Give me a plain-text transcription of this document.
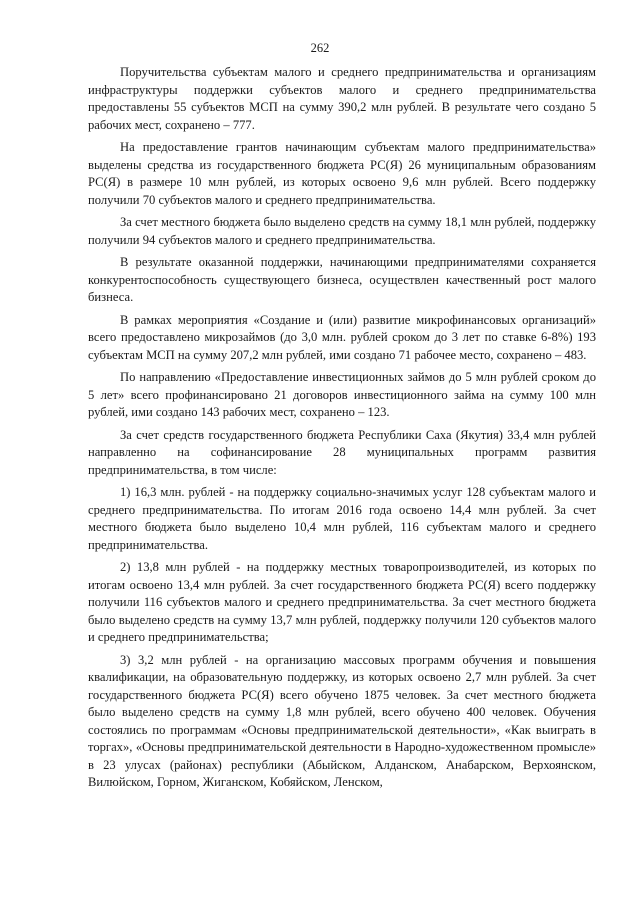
262

Поручительства субъектам малого и среднего предпринимательства и организациям инфраструктуры поддержки субъектов малого и среднего предпринимательства предоставлены 55 субъектов МСП на сумму 390,2 млн рублей. В результате чего создано 5 рабочих мест, сохранено – 777.

На предоставление грантов начинающим субъектам малого предпринимательства» выделены средства из государственного бюджета РС(Я) 26 муниципальным образованиям РС(Я) в размере 10 млн рублей, из которых освоено 9,6 млн рублей. Всего поддержку получили 70 субъектов малого и среднего предпринимательства.

За счет местного бюджета было выделено средств на сумму 18,1 млн рублей, поддержку получили 94 субъектов малого и среднего предпринимательства.

В результате оказанной поддержки, начинающими предпринимателями сохраняется конкурентоспособность существующего бизнеса, осуществлен качественный рост малого бизнеса.

В рамках мероприятия «Создание и (или) развитие микрофинансовых организаций» всего предоставлено микрозаймов (до 3,0 млн. рублей сроком до 3 лет по ставке 6-8%) 193 субъектам МСП на сумму 207,2 млн рублей, ими создано 71 рабочее место, сохранено – 483.

По направлению «Предоставление инвестиционных займов до 5 млн рублей сроком до 5 лет» всего профинансировано 21 договоров инвестиционного займа на сумму 100 млн рублей, ими создано 143 рабочих мест, сохранено – 123.

За счет средств государственного бюджета Республики Саха (Якутия) 33,4 млн рублей направленно на софинансирование 28 муниципальных программ развития предпринимательства, в том числе:

1) 16,3 млн. рублей - на поддержку социально-значимых услуг 128 субъектам малого и среднего предпринимательства. По итогам 2016 года освоено 14,4 млн рублей. За счет местного бюджета было выделено 10,4 млн рублей, 116 субъектам малого и среднего предпринимательства.

2) 13,8 млн рублей - на поддержку местных товаропроизводителей, из которых по итогам освоено 13,4 млн рублей. За счет государственного бюджета РС(Я) всего поддержку получили 116 субъектов малого и среднего предпринимательства. За счет местного бюджета было выделено средств на сумму 13,7 млн рублей, поддержку получили 120 субъектов малого и среднего предпринимательства;

3) 3,2 млн рублей - на организацию массовых программ обучения и повышения квалификации, на образовательную поддержку, из которых освоено 2,7 млн рублей. За счет государственного бюджета РС(Я) всего обучено 1875 человек. За счет местного бюджета было выделено средств на сумму 1,8 млн рублей, всего обучено 400 человек. Обучения состоялись по программам «Основы предпринимательской деятельности», «Как выиграть в торгах», «Основы предпринимательской деятельности в Народно-художественном промысле» в 23 улусах (районах) республики (Абыйском, Алданском, Анабарском, Верхоянском, Вилюйском, Горном, Жиганском, Кобяйском, Ленском,
